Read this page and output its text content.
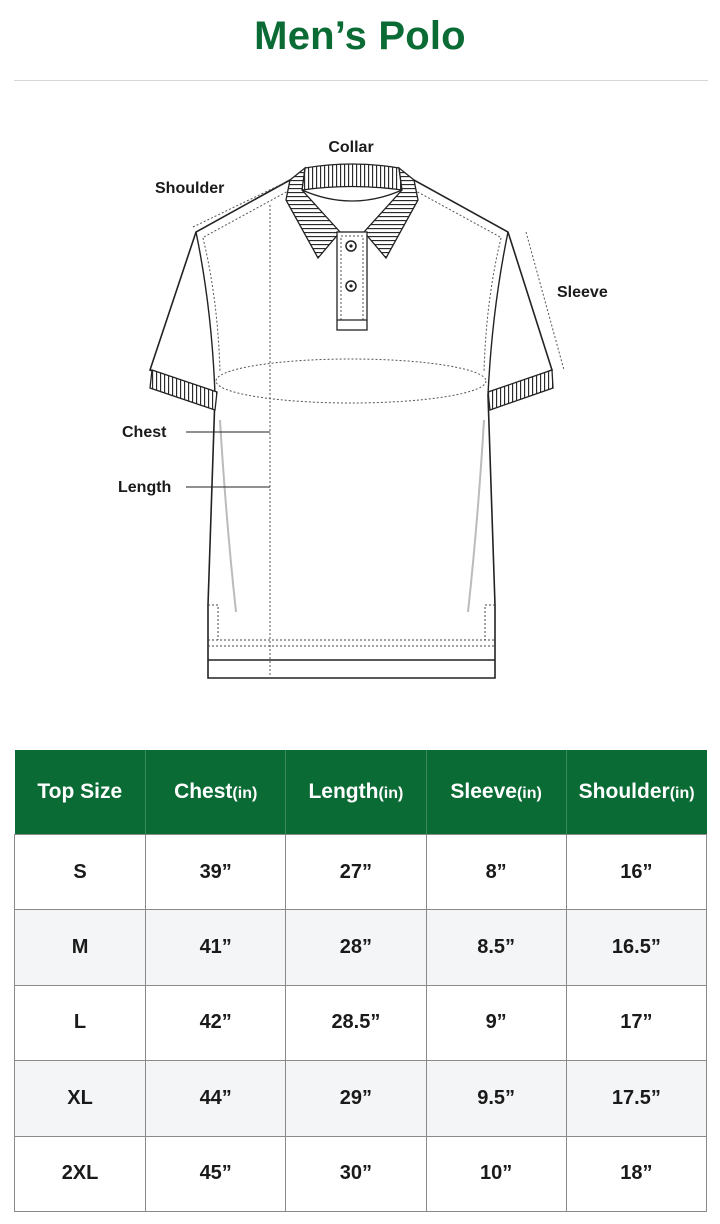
Men’s Polo
Collar
Shoulder
Sleeve
Chest
Length
Top Size	Chest(in)	Length(in)	Sleeve(in)	Shoulder(in)
S	39”	27”	8”	16”
M	41”	28”	8.5”	16.5”
L	42”	28.5”	9”	17”
XL	44”	29”	9.5”	17.5”
2XL	45”	30”	10”	18”
